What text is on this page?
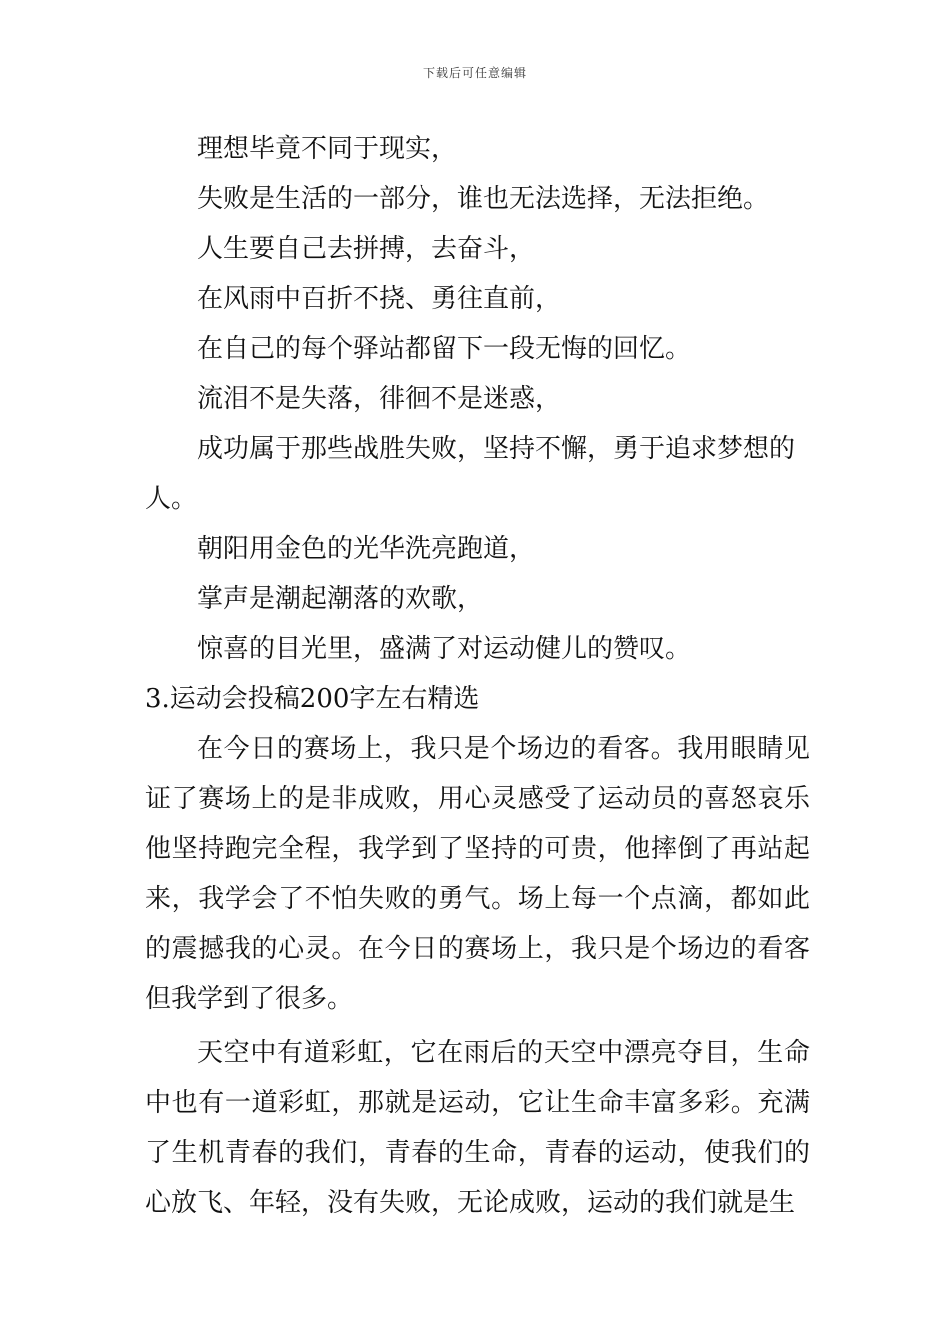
下载后可任意编辑
理想毕竟不同于现实，
失败是生活的一部分，谁也无法选择，无法拒绝。
人生要自己去拼搏，去奋斗，
在风雨中百折不挠、勇往直前，
在自己的每个驿站都留下一段无悔的回忆。
流泪不是失落，徘徊不是迷惑，
成功属于那些战胜失败，坚持不懈，勇于追求梦想的
人。
朝阳用金色的光华洗亮跑道，
掌声是潮起潮落的欢歌，
惊喜的目光里，盛满了对运动健儿的赞叹。
3.运动会投稿200字左右精选

在今日的赛场上，我只是个场边的看客。我用眼睛见证了赛场上的是非成败，用心灵感受了运动员的喜怒哀乐他坚持跑完全程，我学到了坚持的可贵，他摔倒了再站起来，我学会了不怕失败的勇气。场上每一个点滴，都如此的震撼我的心灵。在今日的赛场上，我只是个场边的看客但我学到了很多。

天空中有道彩虹，它在雨后的天空中漂亮夺目，生命中也有一道彩虹，那就是运动，它让生命丰富多彩。充满了生机青春的我们，青春的生命，青春的运动，使我们的心放飞、年轻，没有失败，无论成败，运动的我们就是生
